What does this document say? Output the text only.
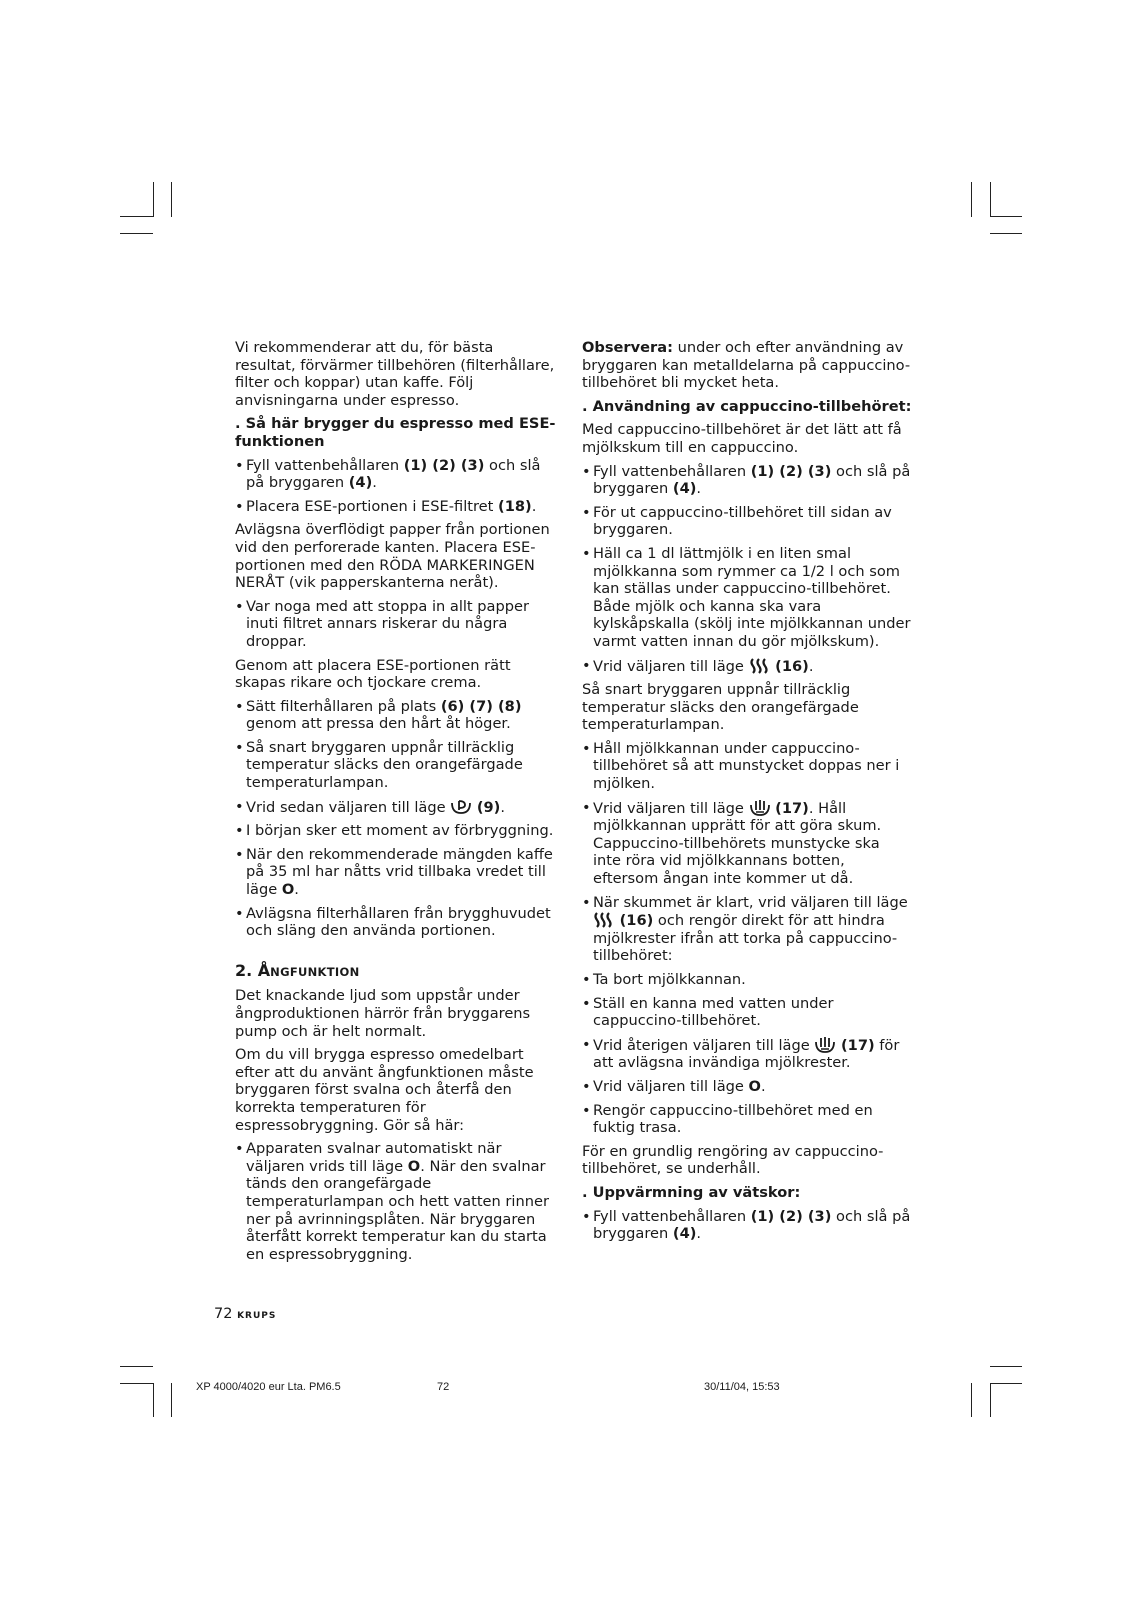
Vi rekommenderar att du, för bästa resultat, förvärmer tillbehören (filterhållare, filter och koppar) utan kaffe. Följ anvisningarna under espresso.

. Så här brygger du espresso med ESE-funktionen

• Fyll vattenbehållaren (1) (2) (3) och slå på bryggaren (4).
• Placera ESE-portionen i ESE-filtret (18).

Avlägsna överflödigt papper från portionen vid den perforerade kanten. Placera ESE-portionen med den RÖDA MARKERINGEN NERÅT (vik papperskanterna neråt).

• Var noga med att stoppa in allt papper inuti filtret annars riskerar du några droppar.

Genom att placera ESE-portionen rätt skapas rikare och tjockare crema.

• Sätt filterhållaren på plats (6) (7) (8) genom att pressa den hårt åt höger.
• Så snart bryggaren uppnår tillräcklig temperatur släcks den orangefärgade temperaturlampan.
• Vrid sedan väljaren till läge
(9).
• I början sker ett moment av förbryggning.
• När den rekommenderade mängden kaffe på 35 ml har nåtts vrid tillbaka vredet till läge O.
• Avlägsna filterhållaren från brygghuvudet och släng den använda portionen.
2. ÅNGFUNKTION

Det knackande ljud som uppstår under ångproduktionen härrör från bryggarens pump och är helt normalt.

Om du vill brygga espresso omedelbart efter att du använt ångfunktionen måste bryggaren först svalna och återfå den korrekta temperaturen för espressobryggning. Gör så här:

• Apparaten svalnar automatiskt när väljaren vrids till läge O. När den svalnar tänds den orangefärgade temperaturlampan och hett vatten rinner ner på avrinningsplåten. När bryggaren återfått korrekt temperatur kan du starta en espressobryggning.

Observera: under och efter användning av bryggaren kan metalldelarna på cappuccino-tillbehöret bli mycket heta.

. Användning av cappuccino-tillbehöret:

Med cappuccino-tillbehöret är det lätt att få mjölkskum till en cappuccino.

• Fyll vattenbehållaren (1) (2) (3) och slå på bryggaren (4).
• För ut cappuccino-tillbehöret till sidan av bryggaren.
• Häll ca 1 dl lättmjölk i en liten smal mjölkkanna som rymmer ca 1/2 l och som kan ställas under cappuccino-tillbehöret. Både mjölk och kanna ska vara kylskåpskalla (skölj inte mjölkkannan under varmt vatten innan du gör mjölkskum).
• Vrid väljaren till läge
(16).

Så snart bryggaren uppnår tillräcklig temperatur släcks den orangefärgade temperaturlampan.

• Håll mjölkkannan under cappuccino-tillbehöret så att munstycket doppas ner i mjölken.
• Vrid väljaren till läge
(17). Håll mjölkkannan upprätt för att göra skum. Cappuccino-tillbehörets munstycke ska inte röra vid mjölkkannans botten, eftersom ångan inte kommer ut då.
• När skummet är klart, vrid väljaren till läge
(16) och rengör direkt för att hindra mjölkrester ifrån att torka på cappuccino-tillbehöret:
• Ta bort mjölkkannan.
• Ställ en kanna med vatten under cappuccino-tillbehöret.
• Vrid återigen väljaren till läge
(17) för att avlägsna invändiga mjölkrester.
• Vrid väljaren till läge O.
• Rengör cappuccino-tillbehöret med en fuktig trasa.

För en grundlig rengöring av cappuccino-tillbehöret, se underhåll.

. Uppvärmning av vätskor:

• Fyll vattenbehållaren (1) (2) (3) och slå på bryggaren (4).
72 KRUPS
XP 4000/4020 eur Lta. PM6.5	72	30/11/04, 15:53
